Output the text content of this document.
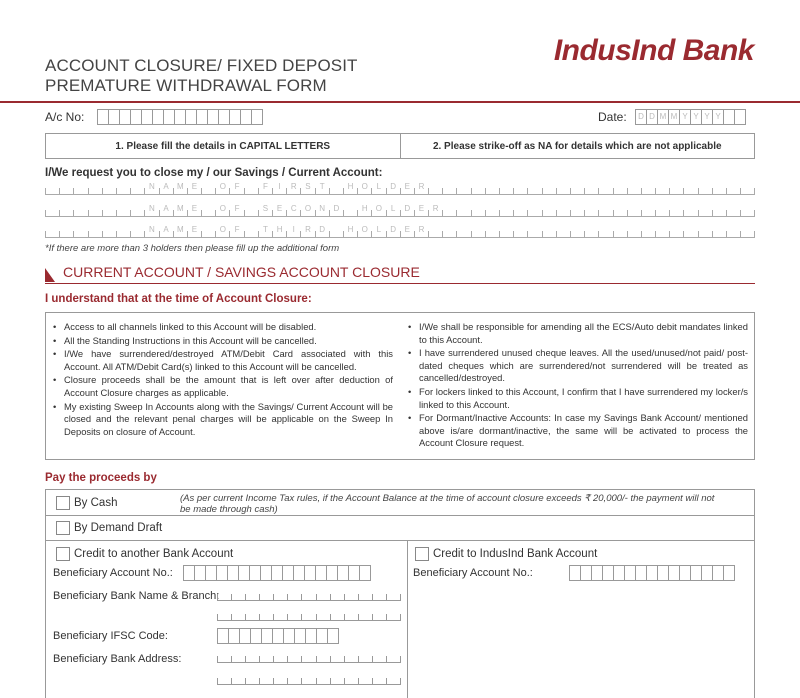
ACCOUNT CLOSURE/ FIXED DEPOSIT
PREMATURE WITHDRAWAL FORM
IndusInd Bank
A/c No:	Date:	D D M M Y Y Y Y
1. Please fill the details in CAPITAL LETTERS	2. Please strike-off as NA for details which are not applicable
I/We request you to close my / our Savings / Current Account:
N	A	M	E	O	F	F	I	R	S	T	H	O	L	D	E	R
N	A	M	E	O	F	S	E	C	O	N	D	H	O	L	D	E	R
N	A	M	E	O	F	T	H	I	R	D	H	O	L	D	E	R
*If there are more than 3 holders then please fill up the additional form
CURRENT ACCOUNT / SAVINGS ACCOUNT CLOSURE
I understand that at the time of Account Closure:
• Access to all channels linked to this Account will be disabled.
• All the Standing Instructions in this Account will be cancelled.
• I/We have surrendered/destroyed ATM/Debit Card associated with this Account. All ATM/Debit Card(s) linked to this Account will be cancelled.
• Closure proceeds shall be the amount that is left over after deduction of Account Closure charges as applicable.
• My existing Sweep In Accounts along with the Savings/ Current Account will be closed and the relevant penal charges will be applicable on the Sweep In Deposits on closure of Account.
• I/We shall be responsible for amending all the ECS/Auto debit mandates linked to this Account.
• I have surrendered unused cheque leaves. All the used/unused/not paid/ post-dated cheques which are surrendered/not surrendered will be treated as cancelled/destroyed.
• For lockers linked to this Account, I confirm that I have surrendered my locker/s linked to this Account.
• For Dormant/Inactive Accounts: In case my Savings Bank Account/ mentioned above is/are dormant/inactive, the same will be activated to process the Account Closure request.
Pay the proceeds by
By Cash	(As per current Income Tax rules, if the Account Balance at the time of account closure exceeds ₹ 20,000/- the payment will not be made through cash)
By Demand Draft
Credit to another Bank Account
Beneficiary Account No.:
Beneficiary Bank Name & Branch:
Beneficiary IFSC Code:
Beneficiary Bank Address:
Credit to IndusInd Bank Account
Beneficiary Account No.:
